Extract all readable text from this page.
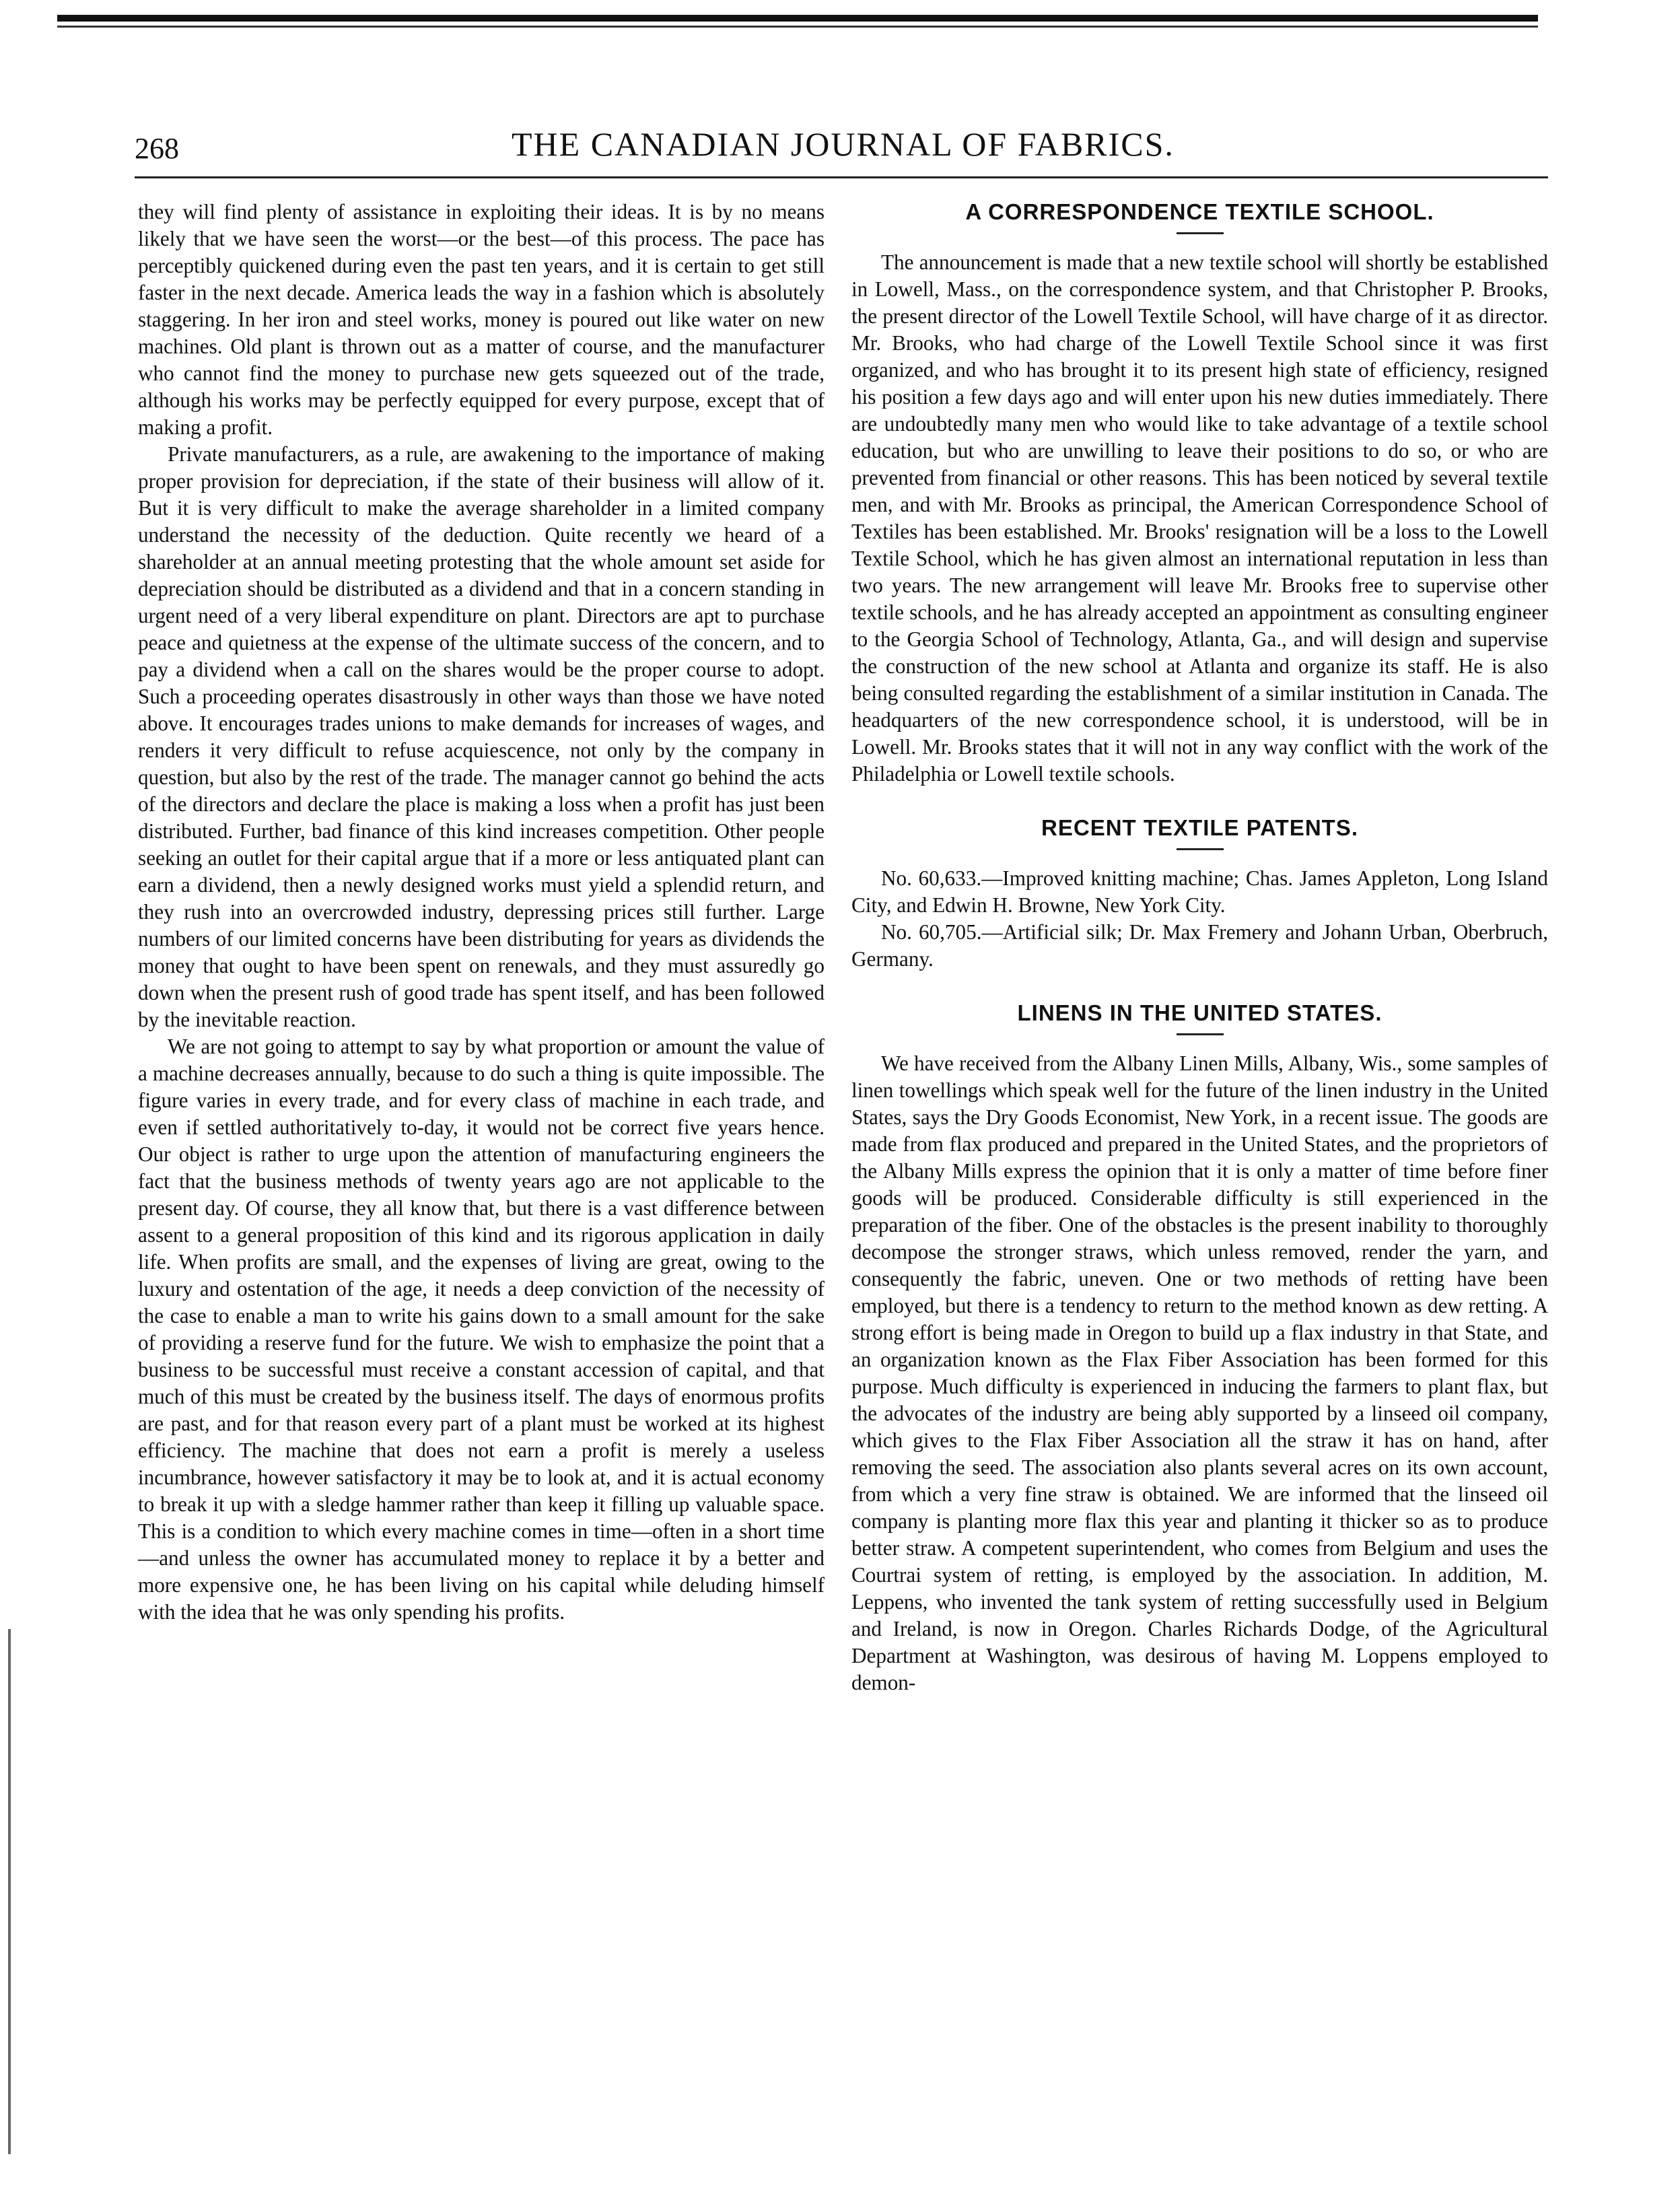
268	THE CANADIAN JOURNAL OF FABRICS.

they will find plenty of assistance in exploiting their ideas. It is by no means likely that we have seen the worst—or the best—of this process. The pace has perceptibly quickened during even the past ten years, and it is certain to get still faster in the next decade. America leads the way in a fashion which is absolutely staggering. In her iron and steel works, money is poured out like water on new machines. Old plant is thrown out as a matter of course, and the manufacturer who cannot find the money to purchase new gets squeezed out of the trade, although his works may be perfectly equipped for every purpose, except that of making a profit.

Private manufacturers, as a rule, are awakening to the importance of making proper provision for depreciation, if the state of their business will allow of it. But it is very difficult to make the average shareholder in a limited company understand the necessity of the deduction. Quite recently we heard of a shareholder at an annual meeting protesting that the whole amount set aside for depreciation should be distributed as a dividend and that in a concern standing in urgent need of a very liberal expenditure on plant. Directors are apt to purchase peace and quietness at the expense of the ultimate success of the concern, and to pay a dividend when a call on the shares would be the proper course to adopt. Such a proceeding operates disastrously in other ways than those we have noted above. It encourages trades unions to make demands for increases of wages, and renders it very difficult to refuse acquiescence, not only by the company in question, but also by the rest of the trade. The manager cannot go behind the acts of the directors and declare the place is making a loss when a profit has just been distributed. Further, bad finance of this kind increases competition. Other people seeking an outlet for their capital argue that if a more or less antiquated plant can earn a dividend, then a newly designed works must yield a splendid return, and they rush into an overcrowded industry, depressing prices still further. Large numbers of our limited concerns have been distributing for years as dividends the money that ought to have been spent on renewals, and they must assuredly go down when the present rush of good trade has spent itself, and has been followed by the inevitable reaction.

We are not going to attempt to say by what proportion or amount the value of a machine decreases annually, because to do such a thing is quite impossible. The figure varies in every trade, and for every class of machine in each trade, and even if settled authoritatively to-day, it would not be correct five years hence. Our object is rather to urge upon the attention of manufacturing engineers the fact that the business methods of twenty years ago are not applicable to the present day. Of course, they all know that, but there is a vast difference between assent to a general proposition of this kind and its rigorous application in daily life. When profits are small, and the expenses of living are great, owing to the luxury and ostentation of the age, it needs a deep conviction of the necessity of the case to enable a man to write his gains down to a small amount for the sake of providing a reserve fund for the future. We wish to emphasize the point that a business to be successful must receive a constant accession of capital, and that much of this must be created by the business itself. The days of enormous profits are past, and for that reason every part of a plant must be worked at its highest efficiency. The machine that does not earn a profit is merely a useless incumbrance, however satisfactory it may be to look at, and it is actual economy to break it up with a sledge hammer rather than keep it filling up valuable space. This is a condition to which every machine comes in time—often in a short time—and unless the owner has accumulated money to replace it by a better and more expensive one, he has been living on his capital while deluding himself with the idea that he was only spending his profits.

A CORRESPONDENCE TEXTILE SCHOOL.

The announcement is made that a new textile school will shortly be established in Lowell, Mass., on the correspondence system, and that Christopher P. Brooks, the present director of the Lowell Textile School, will have charge of it as director. Mr. Brooks, who had charge of the Lowell Textile School since it was first organized, and who has brought it to its present high state of efficiency, resigned his position a few days ago and will enter upon his new duties immediately. There are undoubtedly many men who would like to take advantage of a textile school education, but who are unwilling to leave their positions to do so, or who are prevented from financial or other reasons. This has been noticed by several textile men, and with Mr. Brooks as principal, the American Correspondence School of Textiles has been established. Mr. Brooks' resignation will be a loss to the Lowell Textile School, which he has given almost an international reputation in less than two years. The new arrangement will leave Mr. Brooks free to supervise other textile schools, and he has already accepted an appointment as consulting engineer to the Georgia School of Technology, Atlanta, Ga., and will design and supervise the construction of the new school at Atlanta and organize its staff. He is also being consulted regarding the establishment of a similar institution in Canada. The headquarters of the new correspondence school, it is understood, will be in Lowell. Mr. Brooks states that it will not in any way conflict with the work of the Philadelphia or Lowell textile schools.

RECENT TEXTILE PATENTS.

No. 60,633.—Improved knitting machine; Chas. James Appleton, Long Island City, and Edwin H. Browne, New York City.

No. 60,705.—Artificial silk; Dr. Max Fremery and Johann Urban, Oberbruch, Germany.

LINENS IN THE UNITED STATES.

We have received from the Albany Linen Mills, Albany, Wis., some samples of linen towellings which speak well for the future of the linen industry in the United States, says the Dry Goods Economist, New York, in a recent issue. The goods are made from flax produced and prepared in the United States, and the proprietors of the Albany Mills express the opinion that it is only a matter of time before finer goods will be produced. Considerable difficulty is still experienced in the preparation of the fiber. One of the obstacles is the present inability to thoroughly decompose the stronger straws, which unless removed, render the yarn, and consequently the fabric, uneven. One or two methods of retting have been employed, but there is a tendency to return to the method known as dew retting. A strong effort is being made in Oregon to build up a flax industry in that State, and an organization known as the Flax Fiber Association has been formed for this purpose. Much difficulty is experienced in inducing the farmers to plant flax, but the advocates of the industry are being ably supported by a linseed oil company, which gives to the Flax Fiber Association all the straw it has on hand, after removing the seed. The association also plants several acres on its own account, from which a very fine straw is obtained. We are informed that the linseed oil company is planting more flax this year and planting it thicker so as to produce better straw. A competent superintendent, who comes from Belgium and uses the Courtrai system of retting, is employed by the association. In addition, M. Leppens, who invented the tank system of retting successfully used in Belgium and Ireland, is now in Oregon. Charles Richards Dodge, of the Agricultural Department at Washington, was desirous of having M. Loppens employed to demon-
